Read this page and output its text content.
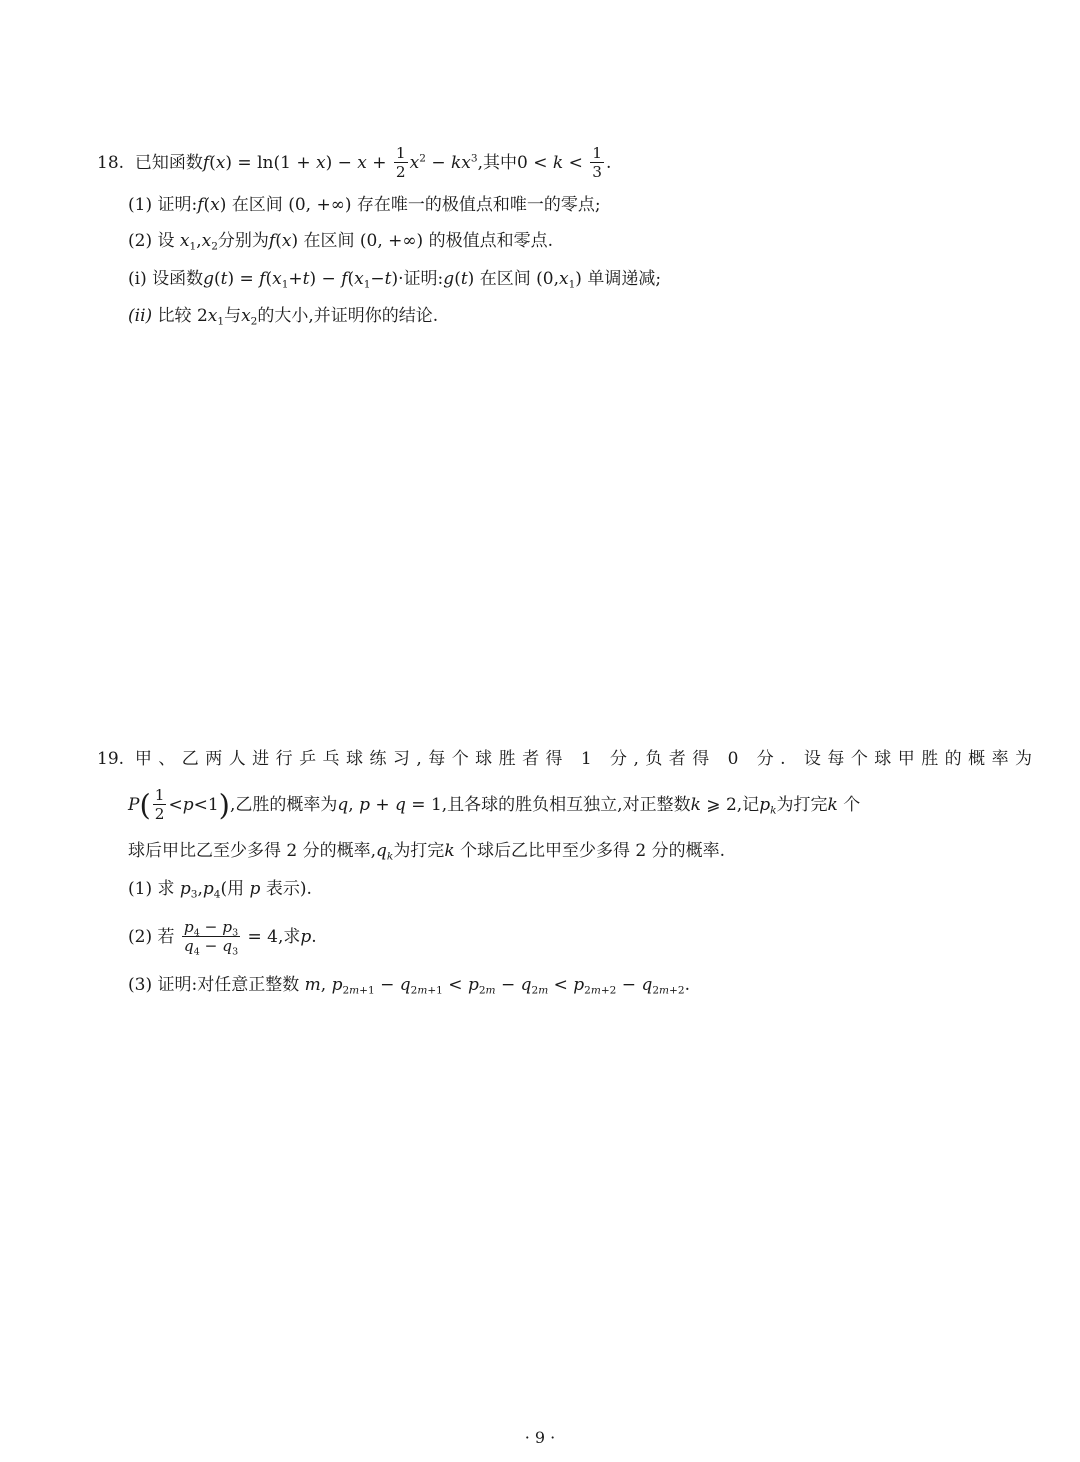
18. 已知函数$f(x) = \ln(1 + x) - x + \frac{1}{2} x^2 - kx^3$,其中$0 < k < \frac{1}{3}$ .
(1) 证明:f(x) 在区间 (0, +∞) 存在唯一的极值点和唯一的零点;
(2) 设 $x_1,x_2$分别为f(x) 在区间 (0, +∞) 的极值点和零点.
(i) 设函数$g(t) = f(x_1+t) - f(x_1-t)\cdot$证明:g(t) 在区间 $(0,x_1)$ 单调递减;
(ii) 比较 $2x_1$与$x_2$的大小,并证明你的结论.
19. 甲、乙两人进行乒乓球练习,每个球胜者得 1 分,负者得 0 分. 设每个球甲胜的概率为
$P( \frac{1}{2} <p<1)$,乙胜的概率为q, p + q = 1,且各球的胜负相互独立,对正整数k ⩾ 2,记$p_k$为打完k 个
球后甲比乙至少多得 2 分的概率$,q_k$为打完k 个球后乙比甲至少多得 2 分的概率.
(1) 求 $p_3,p_4$(用 p 表示).
(2) 若 $\frac{p_4 - p_3}{q_4 - q_3} = 4$,求p.
(3) 证明:对任意正整数 m, $p_{2m+1} - q_{2m+1} < p_{2m} - q_{2m} < p_{2m+2} - q_{2m+2}$.
· 9 ·
